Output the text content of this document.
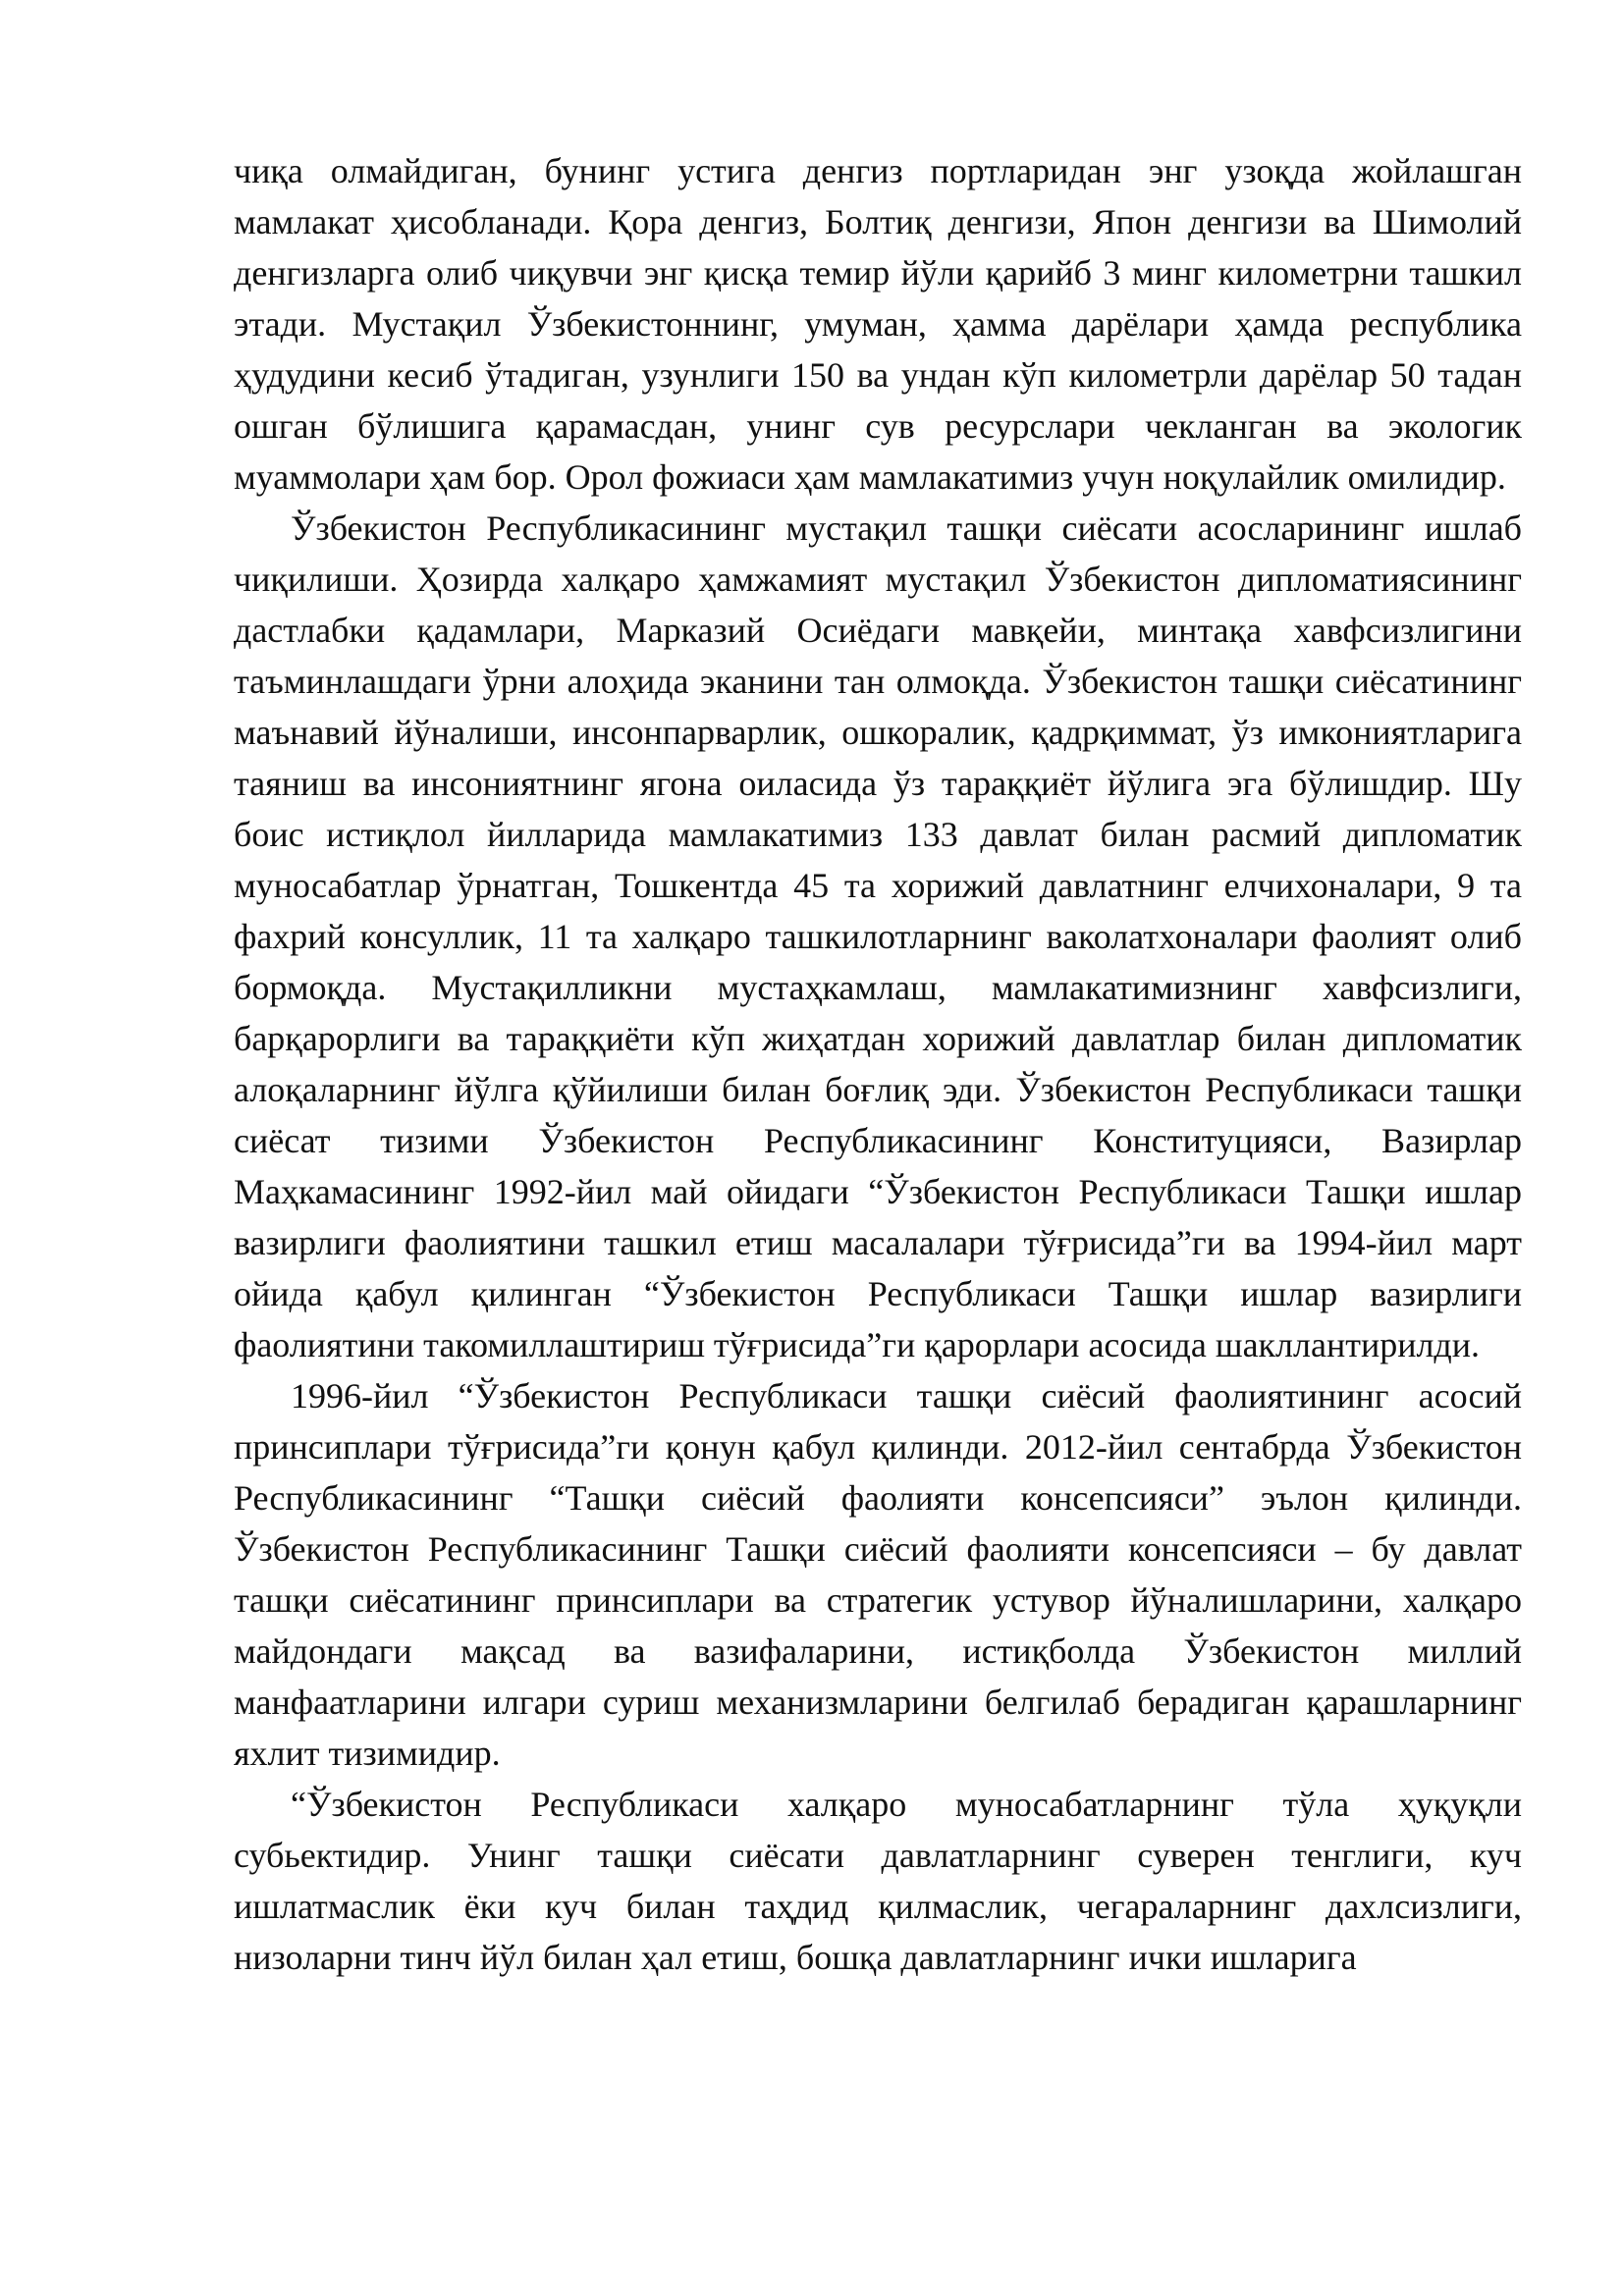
чиқа олмайдиган, бунинг устига денгиз портларидан энг узоқда жойлашган мамлакат ҳисобланади. Қора денгиз, Болтиқ денгизи, Япон денгизи ва Шимолий денгизларга олиб чиқувчи энг қисқа темир йўли қарийб 3 минг километрни ташкил этади. Мустақил Ўзбекистоннинг, умуман, ҳамма дарёлари ҳамда республика ҳудудини кесиб ўтадиган, узунлиги 150 ва ундан кўп километрли дарёлар 50 тадан ошган бўлишига қарамасдан, унинг сув ресурслари чекланган ва экологик муаммолари ҳам бор. Орол фожиаси ҳам мамлакатимиз учун ноқулайлик омилидир.

Ўзбекистон Республикасининг мустақил ташқи сиёсати асосларининг ишлаб чиқилиши. Ҳозирда халқаро ҳамжамият мустақил Ўзбекистон дипломатиясининг дастлабки қадамлари, Марказий Осиёдаги мавқейи, минтақа хавфсизлигини таъминлашдаги ўрни алоҳида эканини тан олмоқда. Ўзбекистон ташқи сиёсатининг маънавий йўналиши, инсонпарварлик, ошкоралик, қадрқиммат, ўз имкониятларига таяниш ва инсониятнинг ягона оиласида ўз тараққиёт йўлига эга бўлишдир. Шу боис истиқлол йилларида мамлакатимиз 133 давлат билан расмий дипломатик муносабатлар ўрнатган, Тошкентда 45 та хорижий давлатнинг елчихоналари, 9 та фахрий консуллик, 11 та халқаро ташкилотларнинг ваколатхоналари фаолият олиб бормоқда. Мустақилликни мустаҳкамлаш, мамлакатимизнинг хавфсизлиги, барқарорлиги ва тараққиёти кўп жиҳатдан хорижий давлатлар билан дипломатик алоқаларнинг йўлга қўйилиши билан боғлиқ эди. Ўзбекистон Республикаси ташқи сиёсат тизими Ўзбекистон Республикасининг Конституцияси, Вазирлар Маҳкамасининг 1992-йил май ойидаги “Ўзбекистон Республикаси Ташқи ишлар вазирлиги фаолиятини ташкил етиш масалалари тўғрисида”ги ва 1994-йил март ойида қабул қилинган “Ўзбекистон Республикаси Ташқи ишлар вазирлиги фаолиятини такомиллаштириш тўғрисида”ги қарорлари асосида шакллантирилди.

1996-йил “Ўзбекистон Республикаси ташқи сиёсий фаолиятининг асосий принсиплари тўғрисида”ги қонун қабул қилинди. 2012-йил сентабрда Ўзбекистон Республикасининг “Ташқи сиёсий фаолияти консепсияси” эълон қилинди. Ўзбекистон Республикасининг Ташқи сиёсий фаолияти консепсияси – бу давлат ташқи сиёсатининг принсиплари ва стратегик устувор йўналишларини, халқаро майдондаги мақсад ва вазифаларини, истиқболда Ўзбекистон миллий манфаатларини илгари суриш механизмларини белгилаб берадиган қарашларнинг яхлит тизимидир.

“Ўзбекистон Республикаси халқаро муносабатларнинг тўла ҳуқуқли субьектидир. Унинг ташқи сиёсати давлатларнинг суверен тенглиги, куч ишлатмаслик ёки куч билан таҳдид қилмаслик, чегараларнинг дахлсизлиги, низоларни тинч йўл билан ҳал етиш, бошқа давлатларнинг ички ишларига
